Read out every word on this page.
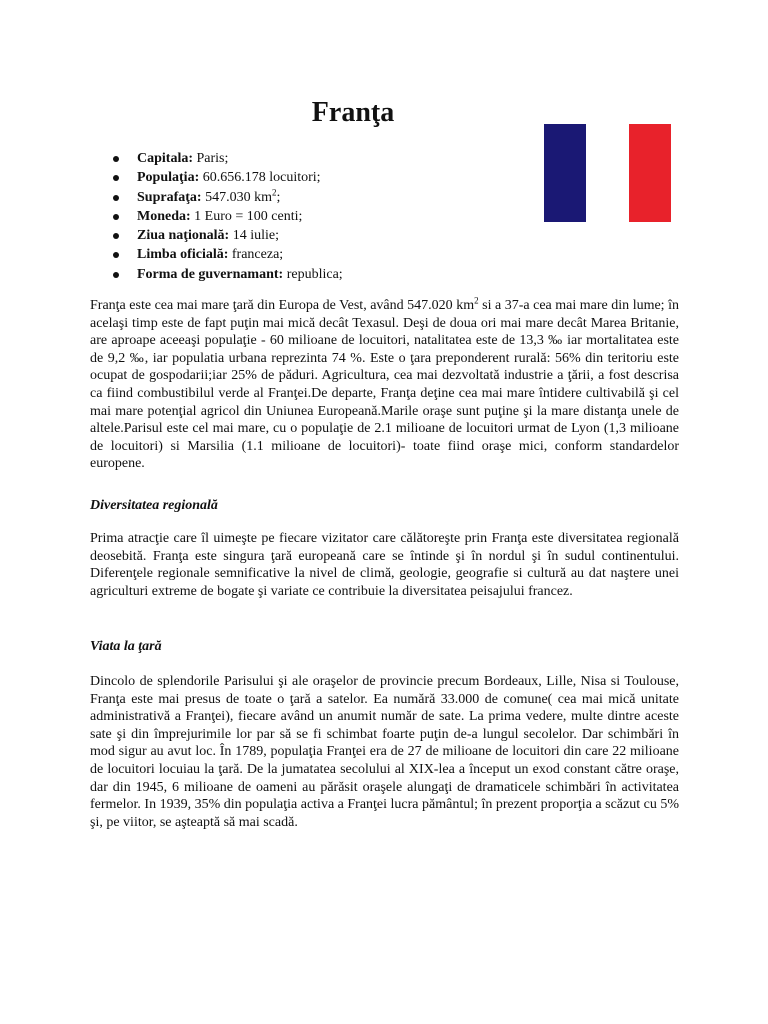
Franţa
Capitala: Paris;
Populaţia: 60.656.178 locuitori;
Suprafaţa: 547.030 $km^2$;
Moneda: 1 Euro = 100 centi;
Ziua naţională: 14 iulie;
Limba oficială: franceza;
Forma de guvernamant: republica;

Franţa este cea mai mare ţară din Europa de Vest, având 547.020 $km^2$ si a 37-a cea mai mare din lume; în acelaşi timp este de fapt puţin mai mică decât Texasul. Deşi de doua ori mai mare decât Marea Britanie, are aproape aceeaşi populaţie - 60 milioane de locuitori, natalitatea este de 13,3 ‰ iar mortalitatea este de 9,2 ‰, iar populatia urbana reprezinta 74 %. Este o ţara preponderent rurală: 56% din teritoriu este ocupat de gospodarii;iar 25% de păduri. Agricultura, cea mai dezvoltată industrie a ţării, a fost descrisa ca fiind combustibilul verde al Franţei.De departe, Franţa deţine cea mai mare întidere cultivabilă şi cel mai mare potenţial agricol din Uniunea Europeană.Marile oraşe sunt puţine şi la mare distanţa unele de altele.Parisul este cel mai mare, cu o populaţie de 2.1 milioane de locuitori urmat de Lyon (1,3 milioane de locuitori) si Marsilia (1.1 milioane de locuitori)- toate fiind oraşe mici, conform standardelor europene.

Diversitatea regională

Prima atracţie care îl uimeşte pe fiecare vizitator care călătoreşte prin Franţa este diversitatea regională deosebită. Franţa este singura ţară europeană care se întinde şi în nordul şi în sudul continentului. Diferenţele regionale semnificative la nivel de climă, geologie, geografie si cultură au dat naştere unei agriculturi extreme de bogate şi variate ce contribuie la diversitatea peisajului francez.

Viata la ţară

Dincolo de splendorile Parisului şi ale oraşelor de provincie precum Bordeaux, Lille, Nisa si Toulouse, Franţa este mai presus de toate o ţară a satelor. Ea numără 33.000 de comune( cea mai mică unitate administrativă a Franţei), fiecare având un anumit număr de sate. La prima vedere, multe dintre aceste sate şi din împrejurimile lor par să se fi schimbat foarte puţin de-a lungul secolelor. Dar schimbări în mod sigur au avut loc. În 1789, populaţia Franţei era de 27 de milioane de locuitori din care 22 milioane de locuitori locuiau la ţară. De la jumatatea secolului al XIX-lea a început un exod constant către oraşe, dar din 1945, 6 milioane de oameni au părăsit oraşele alungaţi de dramaticele schimbări în activitatea fermelor. In 1939, 35% din populaţia activa a Franţei lucra pământul; în prezent proporţia a scăzut cu 5% şi, pe viitor, se aşteaptă să mai scadă.
